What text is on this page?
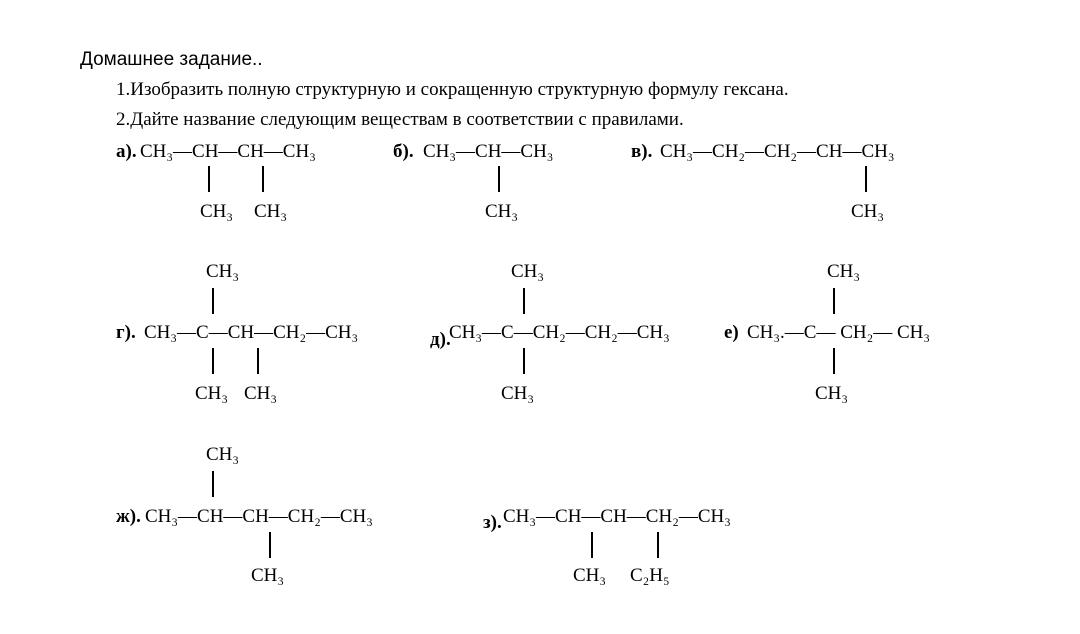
Домашнее задание..
1.Изобразить полную структурную и сокращенную структурную формулу гексана.
2.Дайте название следующим веществам в соответствии с правилами.
а). CH₃—CH—CH—CH₃
CH₃ CH₃
б). CH₃—CH—CH₃
CH₃
в). CH₃—CH₂—CH₂—CH—CH₃
CH₃
CH₃
г). CH₃—C—CH—CH₂—CH₃
CH₃ CH₃
CH₃
д).
CH₃—C—CH₂—CH₂—CH₃
CH₃
CH₃
е) CH₃.—C— CH₂— CH₃
CH₃
CH₃
ж). CH₃—CH—CH—CH₂—CH₃
CH₃
з). CH₃—CH—CH—CH₂—CH₃
CH₃ C₂H₅
